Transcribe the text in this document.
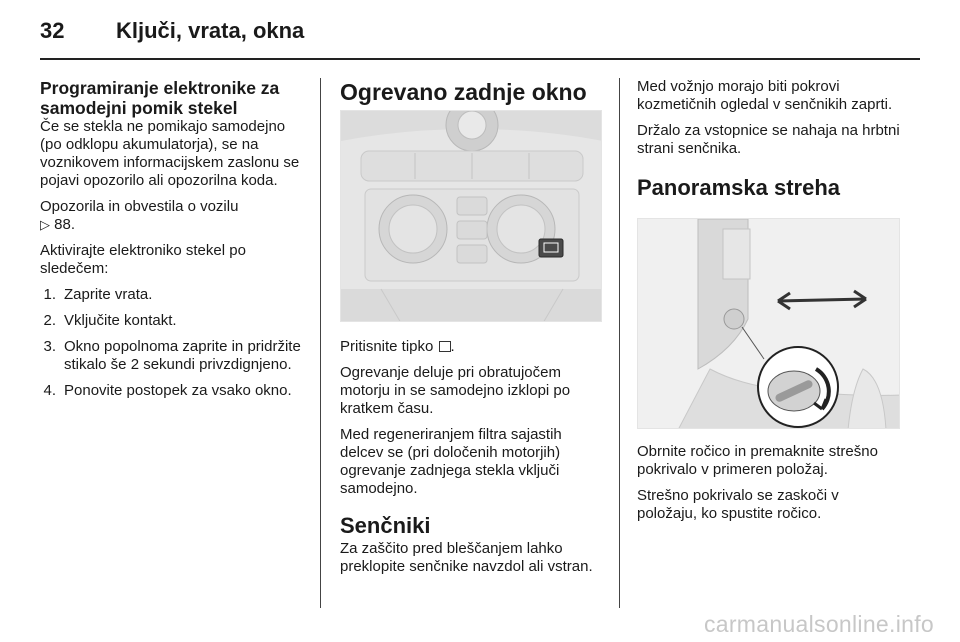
32	Ključi, vrata, okna
Programiranje elektronike za samodejni pomik stekel

Če se stekla ne pomikajo samodejno (po odklopu akumulatorja), se na voznikovem informacijskem zaslonu se pojavi opozorilo ali opozorilna koda.

Opozorila in obvestila o vozilu
▷ 88.

Aktivirajte elektroniko stekel po sledečem:

1. Zaprite vrata.
2. Vključite kontakt.
3. Okno popolnoma zaprite in pridržite stikalo še 2 sekundi privzdignjeno.
4. Ponovite postopek za vsako okno.
Ogrevano zadnje okno

Pritisnite tipko .

Ogrevanje deluje pri obratujočem motorju in se samodejno izklopi po kratkem času.

Med regeneriranjem filtra sajastih delcev se (pri določenih motorjih) ogrevanje zadnjega stekla vključi samodejno.

Senčniki

Za zaščito pred bleščanjem lahko preklopite senčnike navzdol ali vstran.

Med vožnjo morajo biti pokrovi kozmetičnih ogledal v senčnikih zaprti.

Držalo za vstopnice se nahaja na hrbtni strani senčnika.

Panoramska streha

Obrnite ročico in premaknite strešno pokrivalo v primeren položaj.

Strešno pokrivalo se zaskoči v položaju, ko spustite ročico.

carmanualsonline.info
